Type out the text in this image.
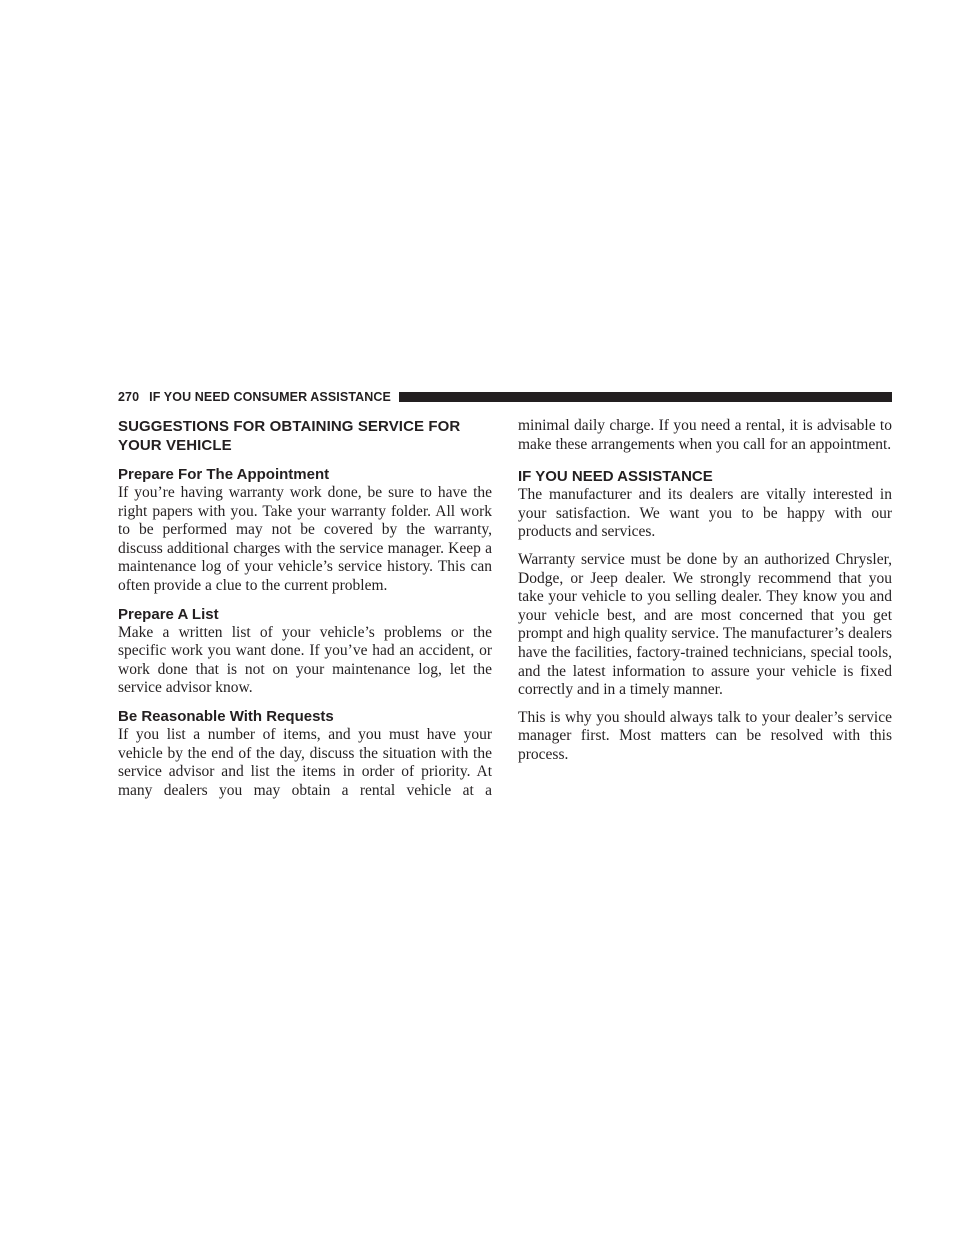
270 IF YOU NEED CONSUMER ASSISTANCE
SUGGESTIONS FOR OBTAINING SERVICE FOR YOUR VEHICLE
Prepare For The Appointment

If you’re having warranty work done, be sure to have the right papers with you. Take your warranty folder. All work to be performed may not be covered by the warranty, discuss additional charges with the service manager. Keep a maintenance log of your vehicle’s service history. This can often provide a clue to the current problem.

Prepare A List

Make a written list of your vehicle’s problems or the specific work you want done. If you’ve had an accident, or work done that is not on your maintenance log, let the service advisor know.

Be Reasonable With Requests

If you list a number of items, and you must have your vehicle by the end of the day, discuss the situation with the service advisor and list the items in order of priority. At many dealers you may obtain a rental vehicle at a

minimal daily charge. If you need a rental, it is advisable to make these arrangements when you call for an appointment.

IF YOU NEED ASSISTANCE

The manufacturer and its dealers are vitally interested in your satisfaction. We want you to be happy with our products and services.

Warranty service must be done by an authorized Chrysler, Dodge, or Jeep dealer. We strongly recommend that you take your vehicle to you selling dealer. They know you and your vehicle best, and are most concerned that you get prompt and high quality service. The manufacturer’s dealers have the facilities, factory-trained technicians, special tools, and the latest information to assure your vehicle is fixed correctly and in a timely manner.

This is why you should always talk to your dealer’s service manager first. Most matters can be resolved with this process.
